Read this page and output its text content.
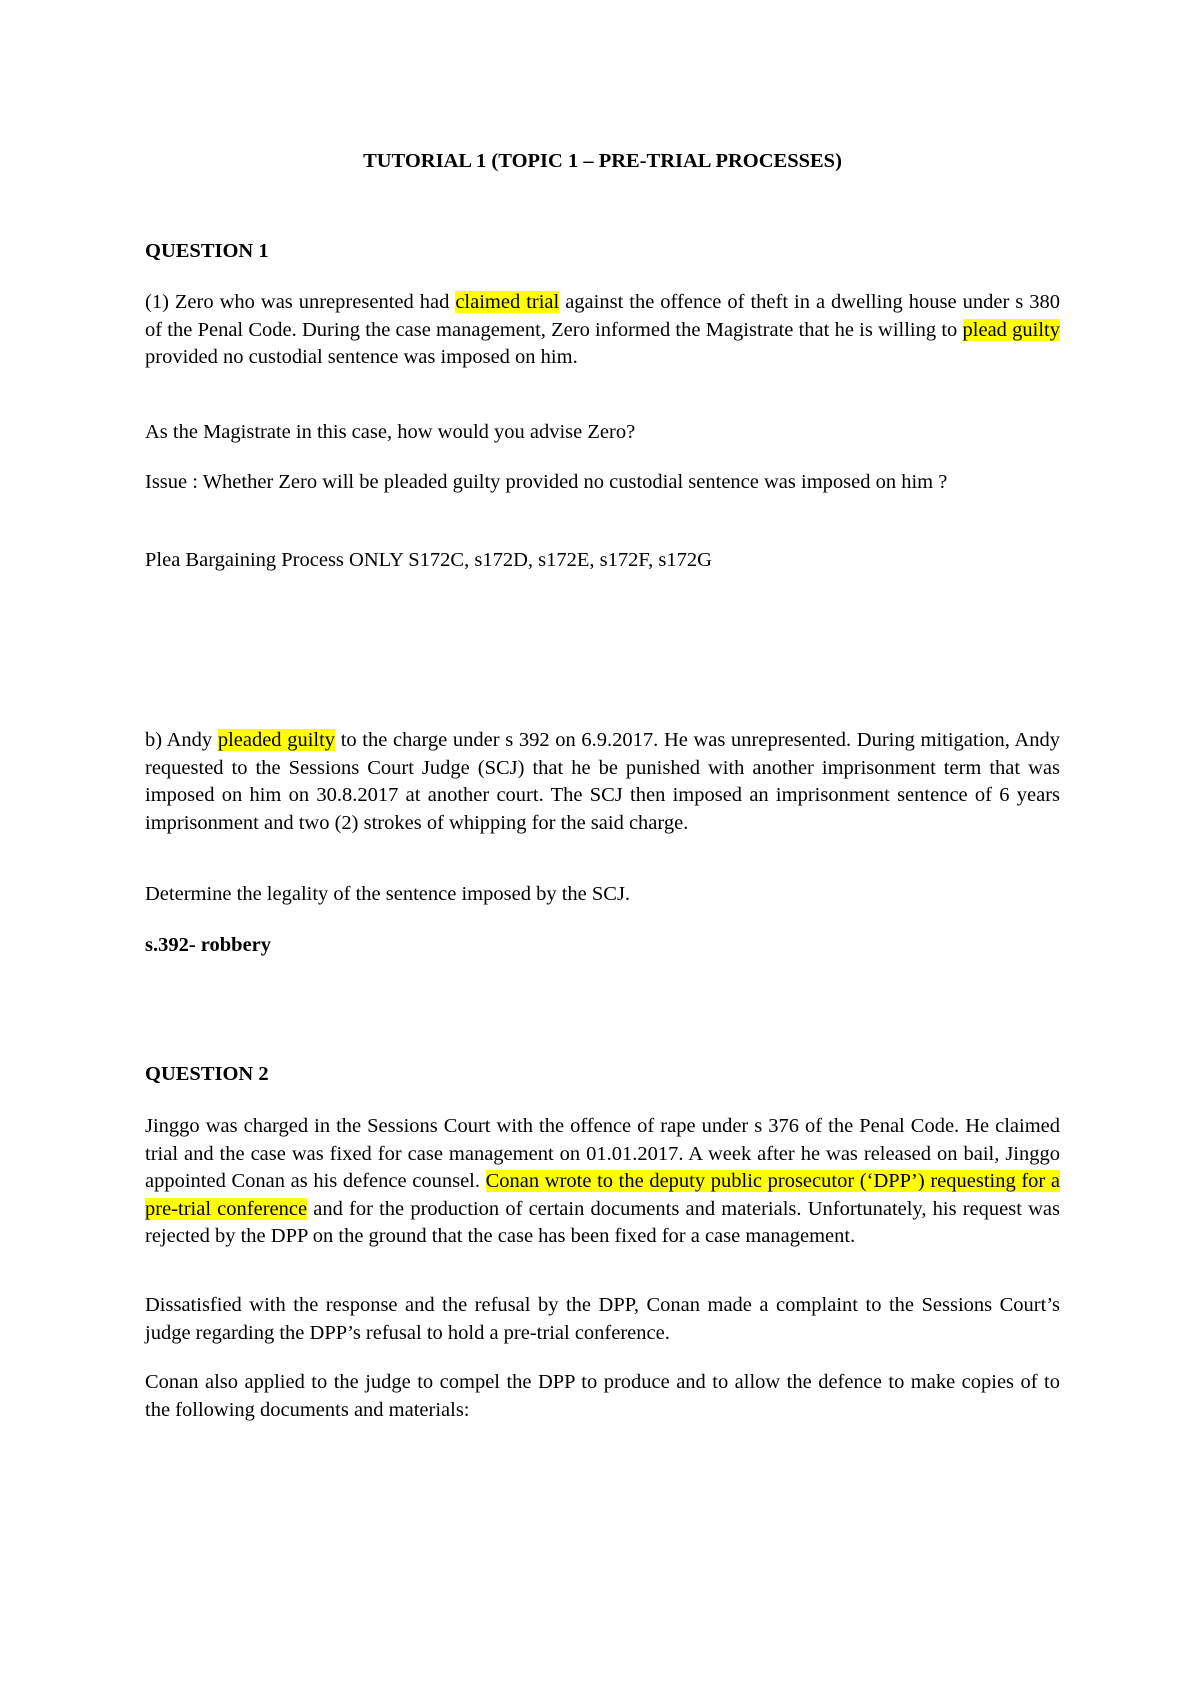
TUTORIAL 1 (TOPIC 1 – PRE-TRIAL PROCESSES)
QUESTION 1

(1) Zero who was unrepresented had claimed trial against the offence of theft in a dwelling house under s 380 of the Penal Code. During the case management, Zero informed the Magistrate that he is willing to plead guilty provided no custodial sentence was imposed on him.

As the Magistrate in this case, how would you advise Zero?

Issue : Whether Zero will be pleaded guilty provided no custodial sentence was imposed on him ?

Plea Bargaining Process ONLY S172C, s172D, s172E, s172F, s172G

b) Andy pleaded guilty to the charge under s 392 on 6.9.2017. He was unrepresented. During mitigation, Andy requested to the Sessions Court Judge (SCJ) that he be punished with another imprisonment term that was imposed on him on 30.8.2017 at another court. The SCJ then imposed an imprisonment sentence of 6 years imprisonment and two (2) strokes of whipping for the said charge.

Determine the legality of the sentence imposed by the SCJ.

s.392- robbery

QUESTION 2

Jinggo was charged in the Sessions Court with the offence of rape under s 376 of the Penal Code. He claimed trial and the case was fixed for case management on 01.01.2017. A week after he was released on bail, Jinggo appointed Conan as his defence counsel. Conan wrote to the deputy public prosecutor (‘DPP’) requesting for a pre-trial conference and for the production of certain documents and materials. Unfortunately, his request was rejected by the DPP on the ground that the case has been fixed for a case management.

Dissatisfied with the response and the refusal by the DPP, Conan made a complaint to the Sessions Court’s judge regarding the DPP’s refusal to hold a pre-trial conference.

Conan also applied to the judge to compel the DPP to produce and to allow the defence to make copies of to the following documents and materials:
